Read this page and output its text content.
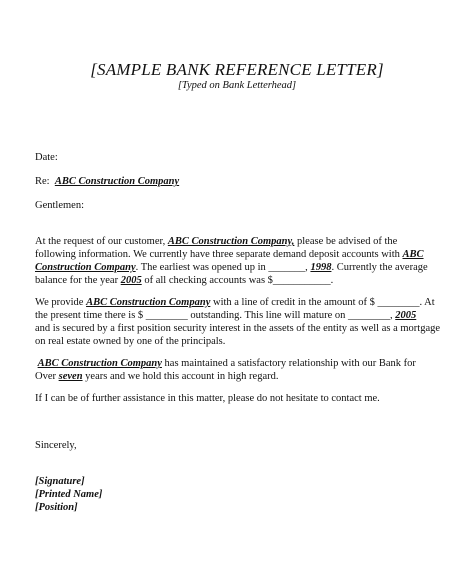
[SAMPLE BANK REFERENCE LETTER]
[Typed on Bank Letterhead]
Date:
Re: ABC Construction Company
Gentlemen:
At the request of our customer, ABC Construction Company, please be advised of the
following information. We currently have three separate demand deposit accounts with ABC
Construction Company. The earliest was opened up in _______, 1998. Currently the average
balance for the year 2005 of all checking accounts was $___________.
We provide ABC Construction Company with a line of credit in the amount of $ ________. At
the present time there is $ ________ outstanding. This line will mature on ________, 2005
and is secured by a first position security interest in the assets of the entity as well as a mortgage
on real estate owned by one of the principals.
ABC Construction Company has maintained a satisfactory relationship with our Bank for
Over seven years and we hold this account in high regard.
If I can be of further assistance in this matter, please do not hesitate to contact me.
Sincerely,
[Signature]
[Printed Name]
[Position]
